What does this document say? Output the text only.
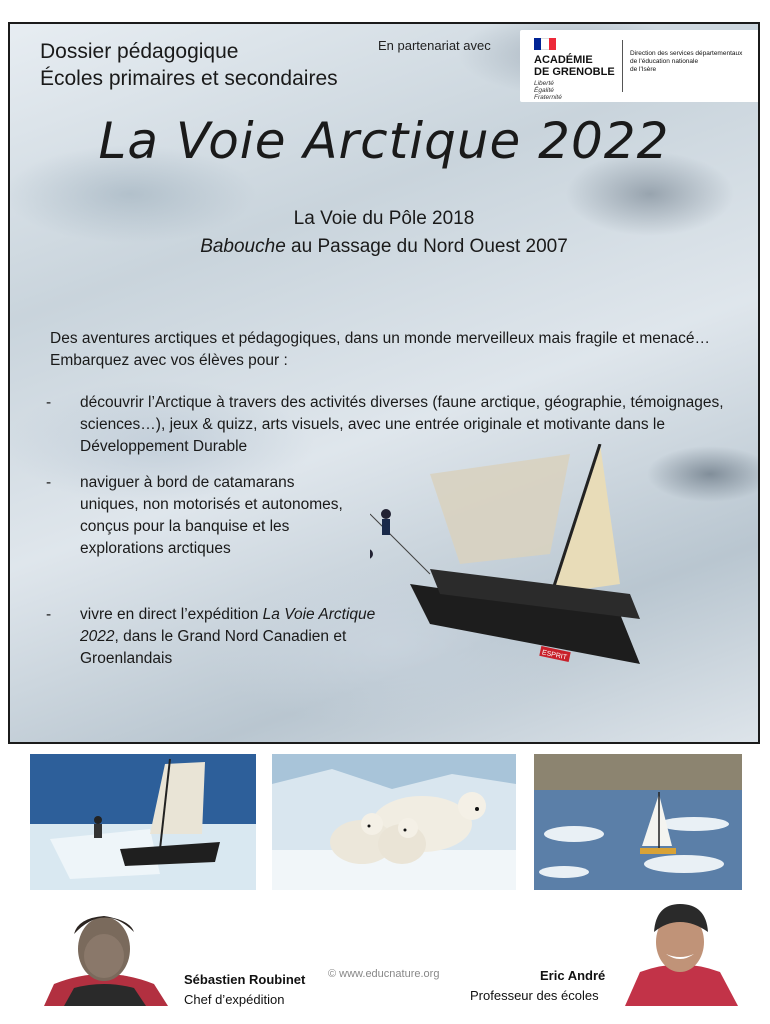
Dossier pédagogique
Écoles primaires et secondaires
En partenariat avec
ACADÉMIE
DE GRENOBLE
Liberté
Égalité
Fraternité
Direction des services départementaux
de l'éducation nationale
de l'Isère
La Voie Arctique 2022
La Voie du Pôle 2018
Babouche au Passage du Nord Ouest 2007
Des aventures arctiques et pédagogiques, dans un monde merveilleux mais fragile et menacé… Embarquez avec vos élèves pour :
- découvrir l’Arctique à travers des activités diverses (faune arctique, géographie, témoignages, sciences…), jeux & quizz, arts visuels, avec une entrée originale et motivante dans le Développement Durable
- naviguer à bord de catamarans uniques, non motorisés et autonomes, conçus pour la banquise et les explorations arctiques
- vivre en direct l’expédition La Voie Arctique 2022, dans le Grand Nord Canadien et Groenlandais	ESPRIT
Sébastien Roubinet
Chef d’expédition
© www.educnature.org	Eric André
Professeur des écoles
